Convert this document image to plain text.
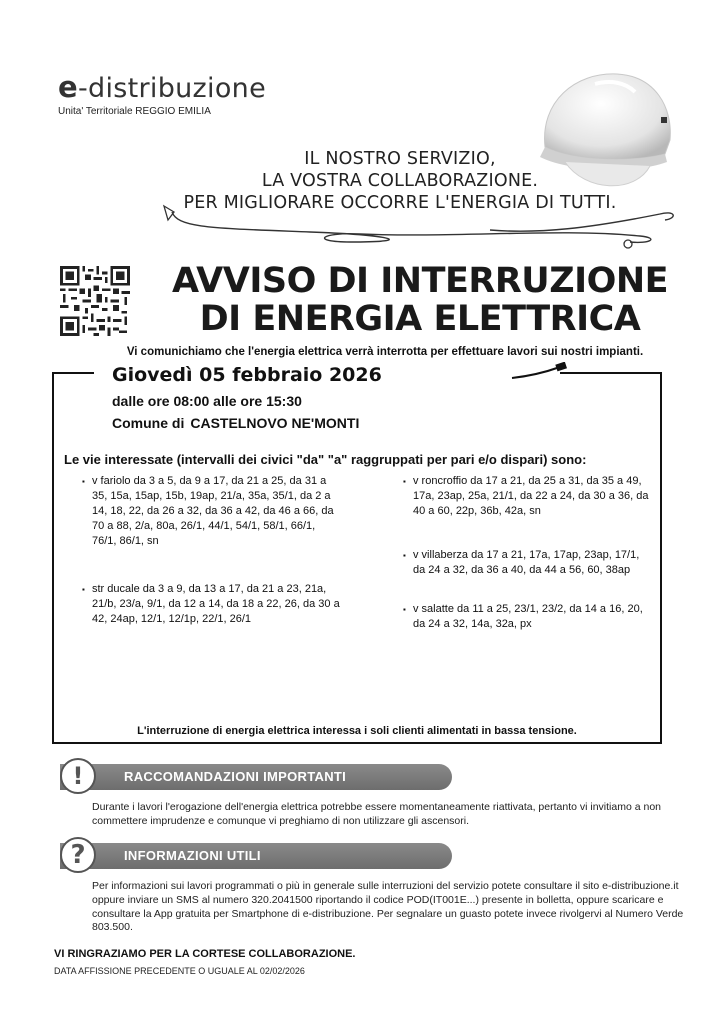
e-distribuzione
Unita' Territoriale REGGIO EMILIA
IL NOSTRO SERVIZIO,
LA VOSTRA COLLABORAZIONE.
PER MIGLIORARE OCCORRE L'ENERGIA DI TUTTI.
AVVISO DI INTERRUZIONE
DI ENERGIA ELETTRICA
Vi comunichiamo che l'energia elettrica verrà interrotta per effettuare lavori sui nostri impianti.
Giovedì 05 febbraio 2026
dalle ore 08:00 alle ore 15:30
Comune di CASTELNOVO NE'MONTI
Le vie interessate (intervalli dei civici "da" "a" raggruppati per pari e/o dispari) sono:
▪ v fariolo da 3 a 5, da 9 a 17, da 21 a 25, da 31 a 35, 15a, 15ap, 15b, 19ap, 21/a, 35a, 35/1, da 2 a 14, 18, 22, da 26 a 32, da 36 a 42, da 46 a 66, da 70 a 88, 2/a, 80a, 26/1, 44/1, 54/1, 58/1, 66/1, 76/1, 86/1, sn
▪ str ducale da 3 a 9, da 13 a 17, da 21 a 23, 21a, 21/b, 23/a, 9/1, da 12 a 14, da 18 a 22, 26, da 30 a 42, 24ap, 12/1, 12/1p, 22/1, 26/1
▪ v roncroffio da 17 a 21, da 25 a 31, da 35 a 49, 17a, 23ap, 25a, 21/1, da 22 a 24, da 30 a 36, da 40 a 60, 22p, 36b, 42a, sn
▪ v villaberza da 17 a 21, 17a, 17ap, 23ap, 17/1, da 24 a 32, da 36 a 40, da 44 a 56, 60, 38ap
▪ v salatte da 11 a 25, 23/1, 23/2, da 14 a 16, 20, da 24 a 32, 14a, 32a, px
L'interruzione di energia elettrica interessa i soli clienti alimentati in bassa tensione.
RACCOMANDAZIONI IMPORTANTI
!
Durante i lavori l'erogazione dell'energia elettrica potrebbe essere momentaneamente riattivata, pertanto vi invitiamo a non commettere imprudenze e comunque vi preghiamo di non utilizzare gli ascensori.
INFORMAZIONI UTILI
?
Per informazioni sui lavori programmati o più in generale sulle interruzioni del servizio potete consultare il sito e-distribuzione.it oppure inviare un SMS al numero 320.2041500 riportando il codice POD(IT001E...) presente in bolletta, oppure scaricare e consultare la App gratuita per Smartphone di e-distribuzione. Per segnalare un guasto potete invece rivolgervi al Numero Verde 803.500.
VI RINGRAZIAMO PER LA CORTESE COLLABORAZIONE.
DATA AFFISSIONE PRECEDENTE O UGUALE AL 02/02/2026
